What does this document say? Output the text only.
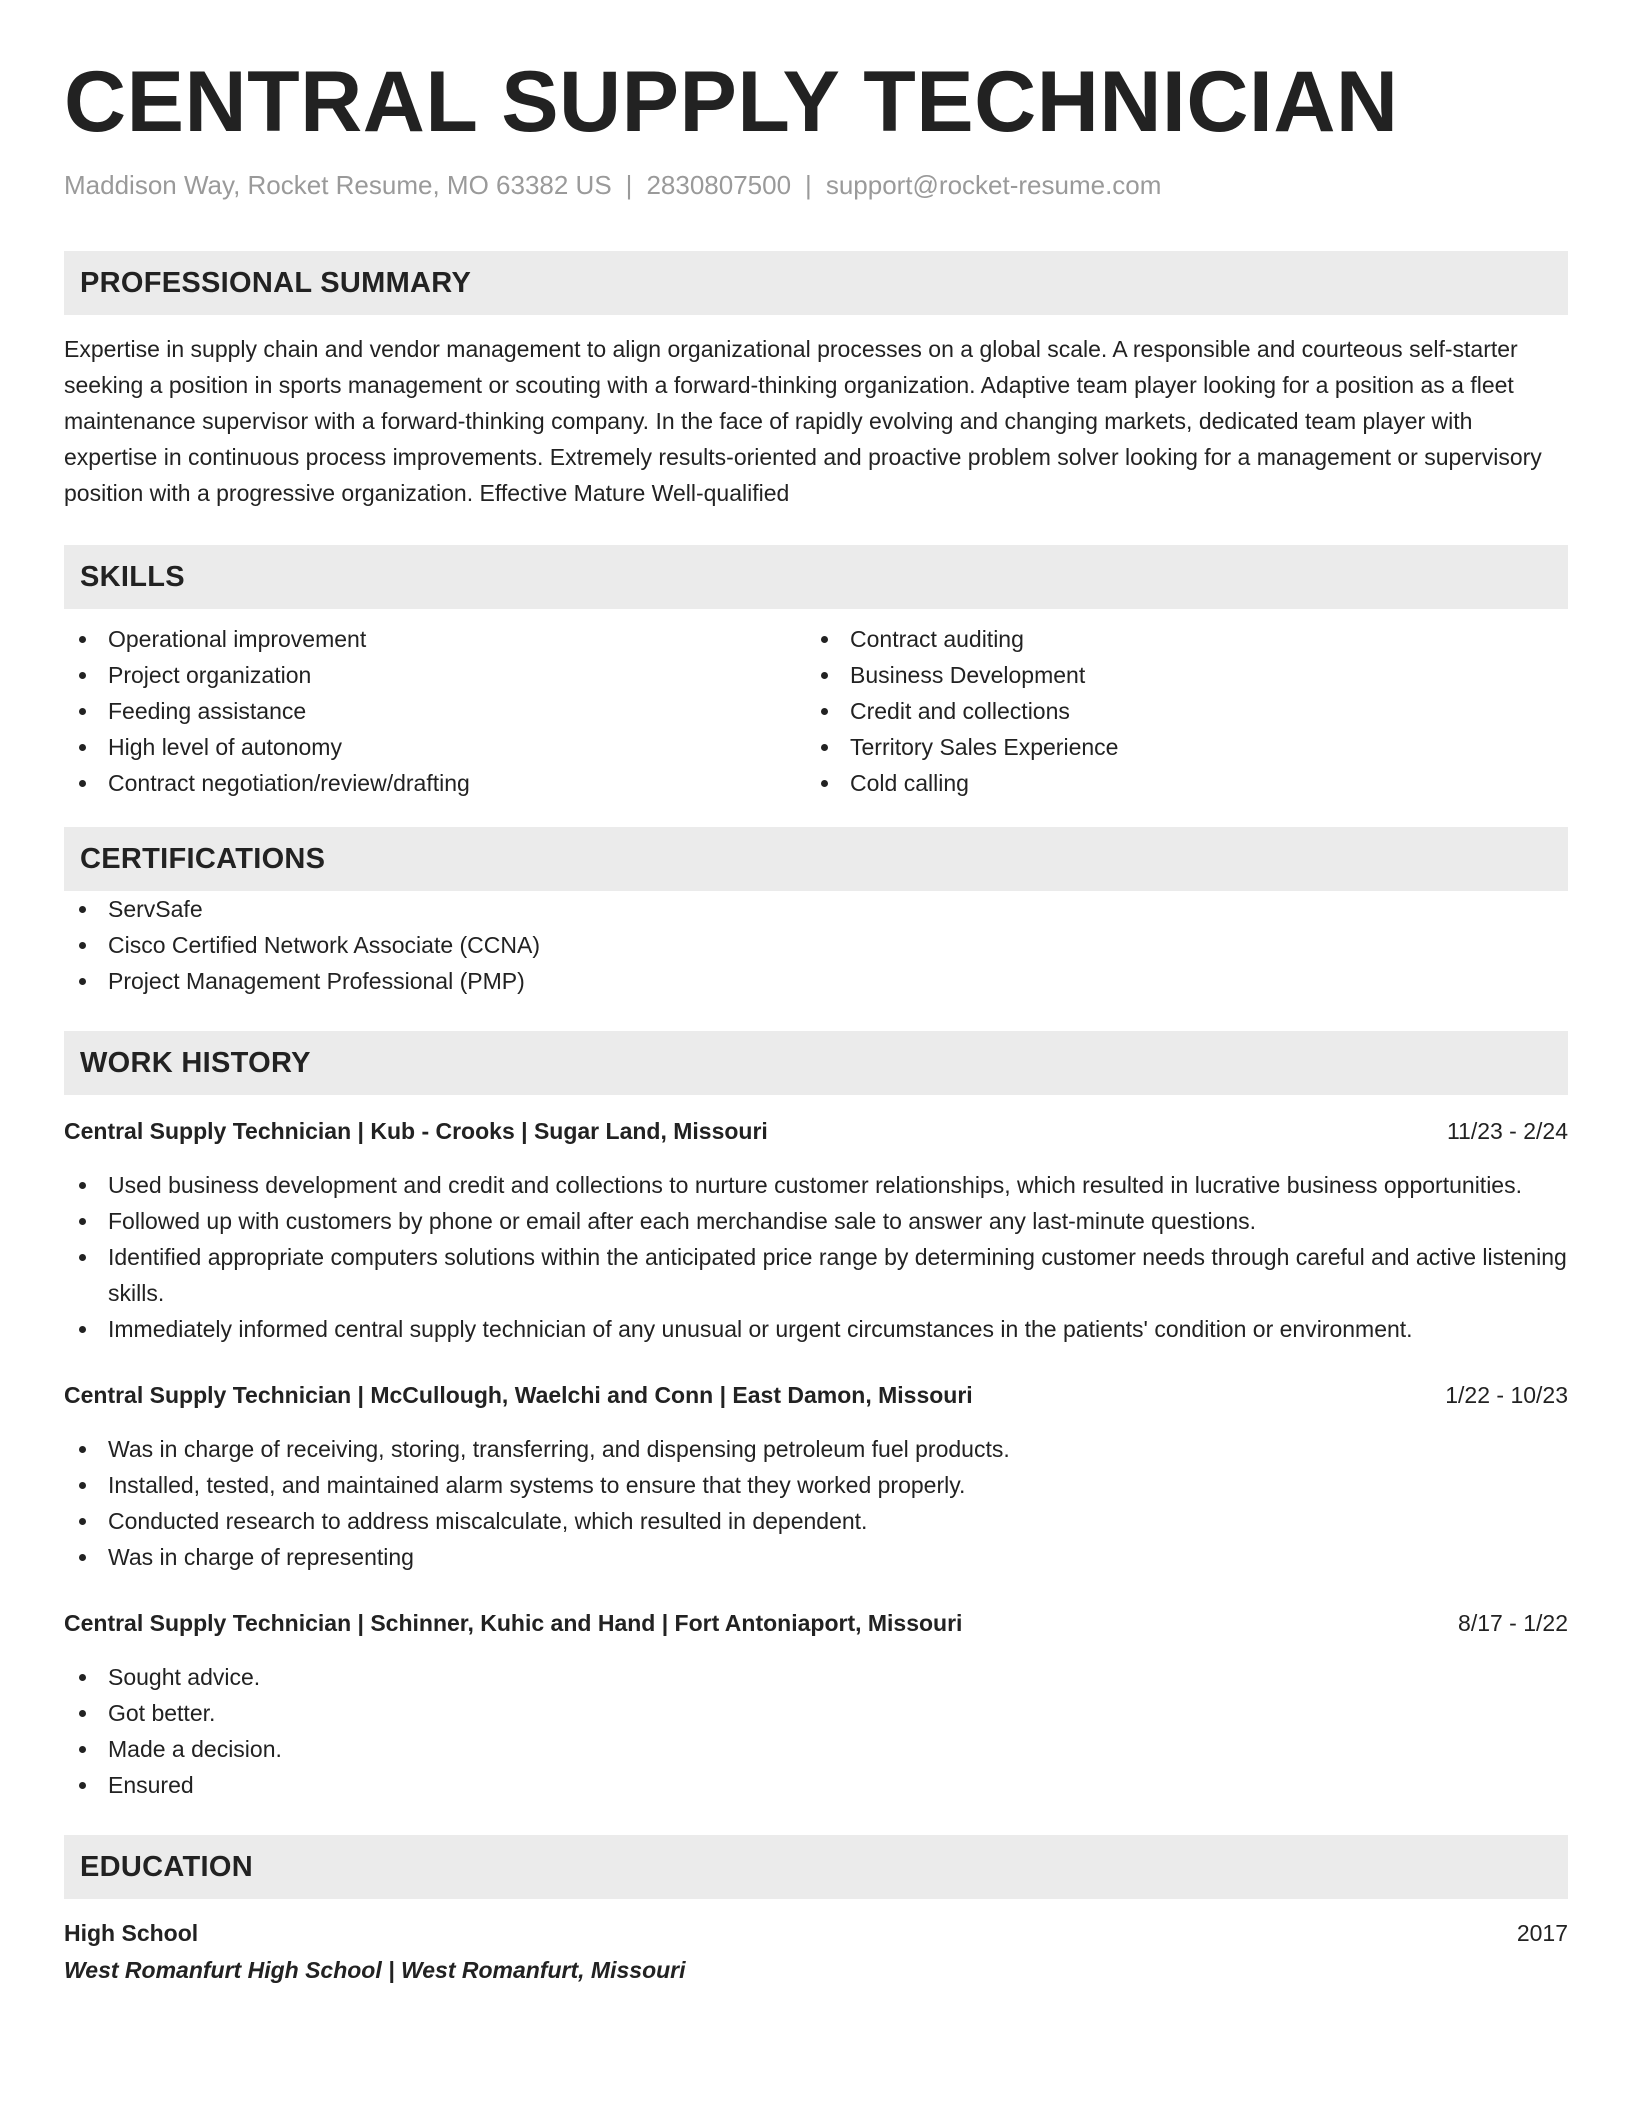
CENTRAL SUPPLY TECHNICIAN
Maddison Way, Rocket Resume, MO 63382 US | 2830807500 | support@rocket-resume.com
PROFESSIONAL SUMMARY
Expertise in supply chain and vendor management to align organizational processes on a global scale. A responsible and courteous self-starter seeking a position in sports management or scouting with a forward-thinking organization. Adaptive team player looking for a position as a fleet maintenance supervisor with a forward-thinking company. In the face of rapidly evolving and changing markets, dedicated team player with expertise in continuous process improvements. Extremely results-oriented and proactive problem solver looking for a management or supervisory position with a progressive organization. Effective Mature Well-qualified
SKILLS
Operational improvement
Project organization
Feeding assistance
High level of autonomy
Contract negotiation/review/drafting
Contract auditing
Business Development
Credit and collections
Territory Sales Experience
Cold calling
CERTIFICATIONS
ServSafe
Cisco Certified Network Associate (CCNA)
Project Management Professional (PMP)
WORK HISTORY
Central Supply Technician | Kub - Crooks | Sugar Land, Missouri	11/23 - 2/24
Used business development and credit and collections to nurture customer relationships, which resulted in lucrative business opportunities.
Followed up with customers by phone or email after each merchandise sale to answer any last-minute questions.
Identified appropriate computers solutions within the anticipated price range by determining customer needs through careful and active listening skills.
Immediately informed central supply technician of any unusual or urgent circumstances in the patients' condition or environment.
Central Supply Technician | McCullough, Waelchi and Conn | East Damon, Missouri	1/22 - 10/23
Was in charge of receiving, storing, transferring, and dispensing petroleum fuel products.
Installed, tested, and maintained alarm systems to ensure that they worked properly.
Conducted research to address miscalculate, which resulted in dependent.
Was in charge of representing
Central Supply Technician | Schinner, Kuhic and Hand | Fort Antoniaport, Missouri	8/17 - 1/22
Sought advice.
Got better.
Made a decision.
Ensured
EDUCATION
High School	2017
West Romanfurt High School | West Romanfurt, Missouri
